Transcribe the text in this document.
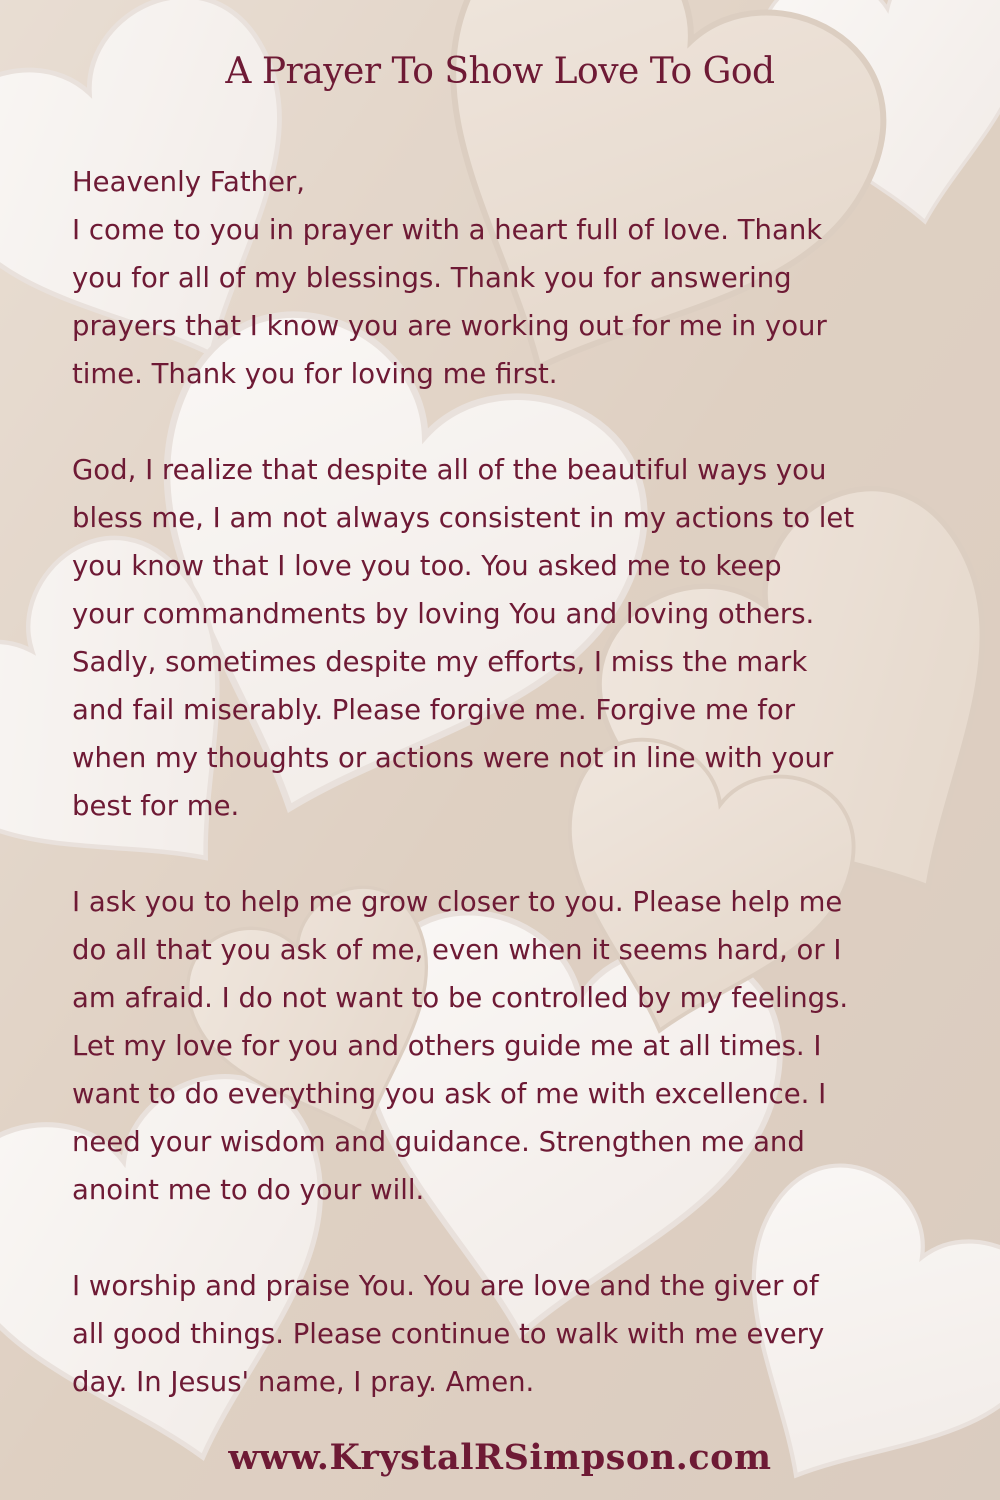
A Prayer To Show Love To God

Heavenly Father,
I come to you in prayer with a heart full of love. Thank
you for all of my blessings. Thank you for answering
prayers that I know you are working out for me in your
time. Thank you for loving me first.

God, I realize that despite all of the beautiful ways you
bless me, I am not always consistent in my actions to let
you know that I love you too. You asked me to keep
your commandments by loving You and loving others.
Sadly, sometimes despite my efforts, I miss the mark
and fail miserably. Please forgive me. Forgive me for
when my thoughts or actions were not in line with your
best for me.

I ask you to help me grow closer to you. Please help me
do all that you ask of me, even when it seems hard, or I
am afraid. I do not want to be controlled by my feelings.
Let my love for you and others guide me at all times. I
want to do everything you ask of me with excellence. I
need your wisdom and guidance. Strengthen me and
anoint me to do your will.

I worship and praise You. You are love and the giver of
all good things. Please continue to walk with me every
day. In Jesus' name, I pray. Amen.

www.KrystalRSimpson.com
